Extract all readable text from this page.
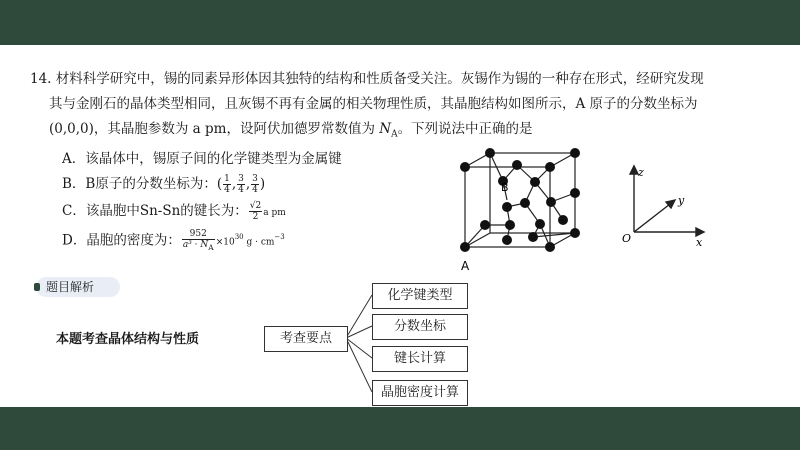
14. 材料科学研究中，锡的同素异形体因其独特的结构和性质备受关注。灰锡作为锡的一种存在形式，经研究发现
其与金刚石的晶体类型相同，且灰锡不再有金属的相关物理性质，其晶胞结构如图所示，A 原子的分数坐标为
(0,0,0)，其晶胞参数为 a pm，设阿伏加德罗常数值为 $N_A$。下列说法中正确的是
A．该晶体中，锡原子间的化学键类型为金属键
B．B原子的分数坐标为：( $\frac{1}{4}$ , $\frac{3}{4}$ , $\frac{3}{4}$ )
C．该晶胞中Sn-Sn的键长为： $\frac{√2}{2}$ a pm
D．晶胞的密度为： $\frac{952}{a^3 \cdot N_A} \times 10^{30}$ $g \cdot cm^{-3}$
B
A
z
y
x
O
题目解析
本题考查晶体结构与性质	考查要点
化学键类型
分数坐标
键长计算
晶胞密度计算
